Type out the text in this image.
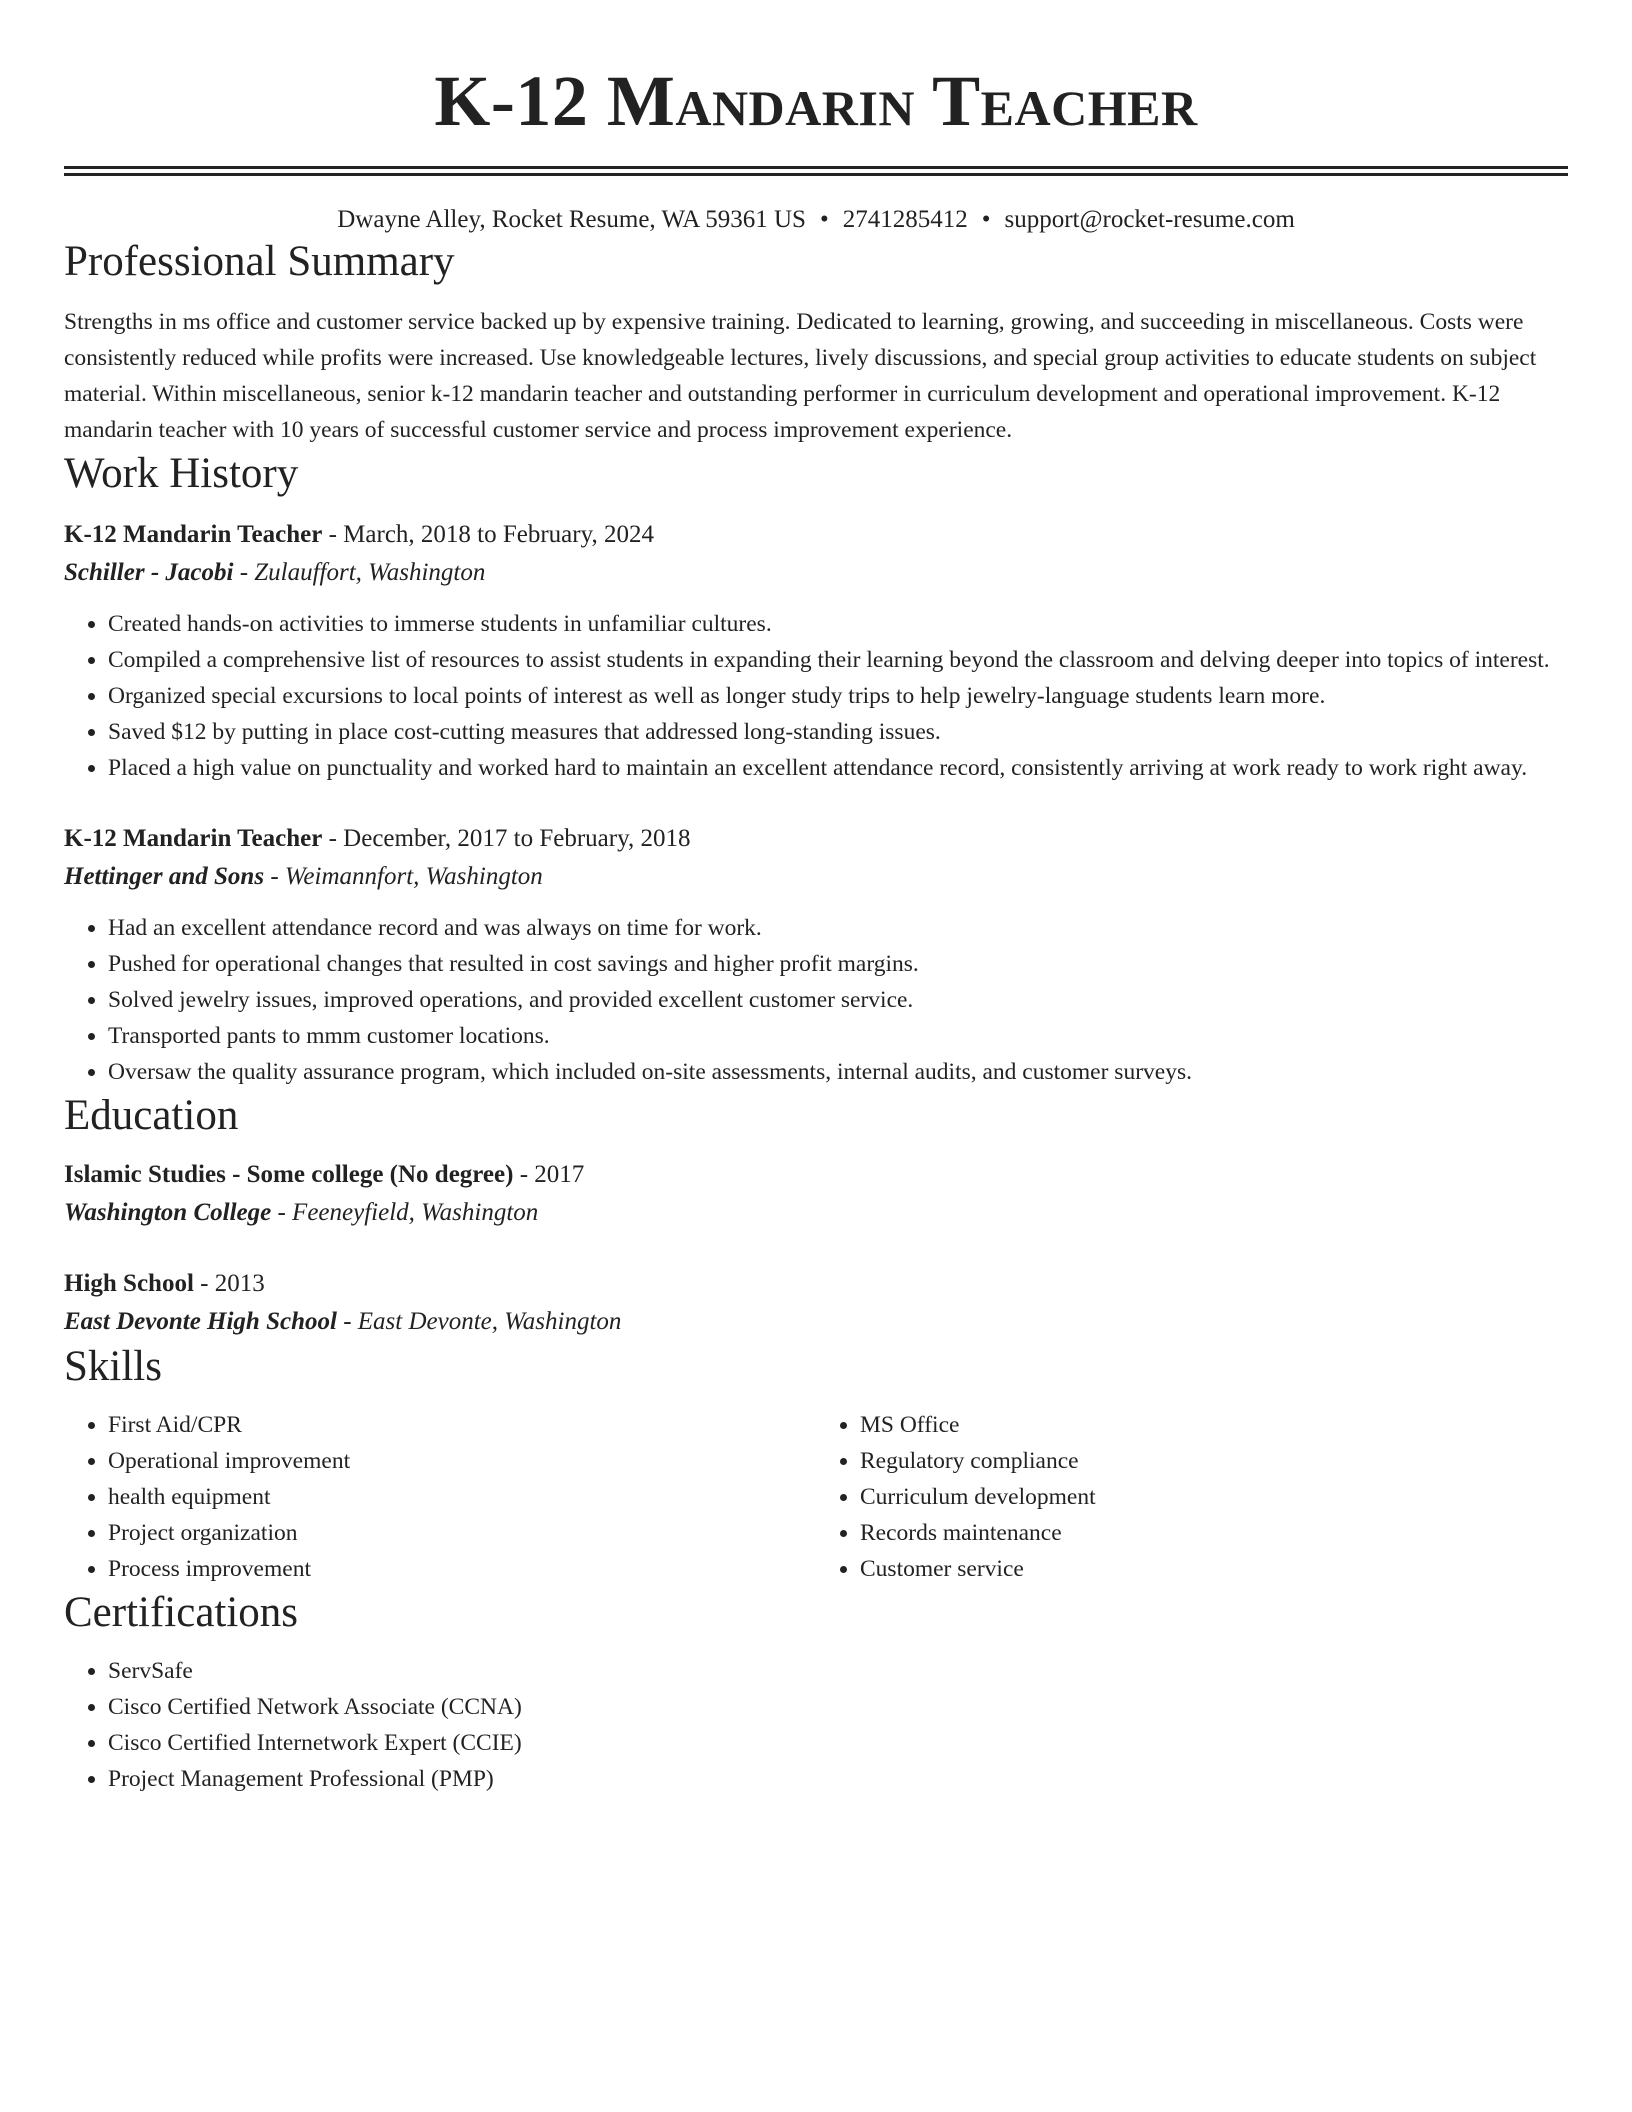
K-12 Mandarin Teacher
Dwayne Alley, Rocket Resume, WA 59361 US • 2741285412 • support@rocket-resume.com
Professional Summary

Strengths in ms office and customer service backed up by expensive training. Dedicated to learning, growing, and succeeding in miscellaneous. Costs were consistently reduced while profits were increased. Use knowledgeable lectures, lively discussions, and special group activities to educate students on subject material. Within miscellaneous, senior k-12 mandarin teacher and outstanding performer in curriculum development and operational improvement. K-12 mandarin teacher with 10 years of successful customer service and process improvement experience.

Work History
K-12 Mandarin Teacher - March, 2018 to February, 2024
Schiller - Jacobi - Zulauffort, Washington
• Created hands-on activities to immerse students in unfamiliar cultures.
• Compiled a comprehensive list of resources to assist students in expanding their learning beyond the classroom and delving deeper into topics of interest.
• Organized special excursions to local points of interest as well as longer study trips to help jewelry-language students learn more.
• Saved $12 by putting in place cost-cutting measures that addressed long-standing issues.
• Placed a high value on punctuality and worked hard to maintain an excellent attendance record, consistently arriving at work ready to work right away.
K-12 Mandarin Teacher - December, 2017 to February, 2018
Hettinger and Sons - Weimannfort, Washington
• Had an excellent attendance record and was always on time for work.
• Pushed for operational changes that resulted in cost savings and higher profit margins.
• Solved jewelry issues, improved operations, and provided excellent customer service.
• Transported pants to mmm customer locations.
• Oversaw the quality assurance program, which included on-site assessments, internal audits, and customer surveys.
Education
Islamic Studies - Some college (No degree) - 2017
Washington College - Feeneyfield, Washington
High School - 2013
East Devonte High School - East Devonte, Washington
Skills
• First Aid/CPR
• Operational improvement
• health equipment
• Project organization
• Process improvement
• MS Office
• Regulatory compliance
• Curriculum development
• Records maintenance
• Customer service
Certifications
• ServSafe
• Cisco Certified Network Associate (CCNA)
• Cisco Certified Internetwork Expert (CCIE)
• Project Management Professional (PMP)
